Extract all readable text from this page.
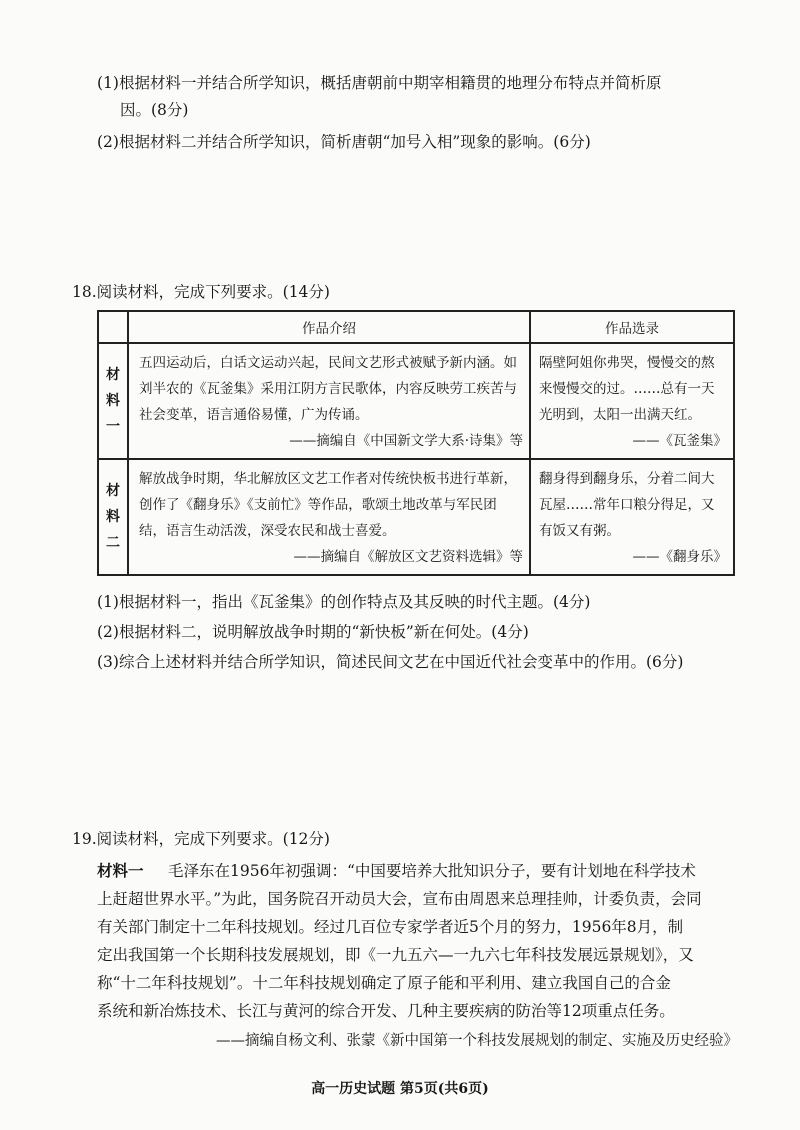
(1)根据材料一并结合所学知识，概括唐朝前中期宰相籍贯的地理分布特点并简析原
因。(8分)
(2)根据材料二并结合所学知识，简析唐朝“加号入相”现象的影响。(6分)
18.阅读材料，完成下列要求。(14分)
	作品介绍	作品选录

材
料
一	五四运动后，白话文运动兴起，民间文艺形式被赋予新内涵。如刘半农的《瓦釜集》采用江阴方言民歌体，内容反映劳工疾苦与社会变革，语言通俗易懂，广为传诵。
——摘编自《中国新文学大系·诗集》等	隔壁阿姐你弗哭，慢慢交的熬来慢慢交的过。……总有一天光明到，太阳一出满天红。
——《瓦釜集》

材
料
二	解放战争时期，华北解放区文艺工作者对传统快板书进行革新，创作了《翻身乐》《支前忙》等作品，歌颂土地改革与军民团结，语言生动活泼，深受农民和战士喜爱。
——摘编自《解放区文艺资料选辑》等	翻身得到翻身乐，分着二间大瓦屋……常年口粮分得足，又有饭又有粥。
——《翻身乐》
(1)根据材料一，指出《瓦釜集》的创作特点及其反映的时代主题。(4分)
(2)根据材料二，说明解放战争时期的“新快板”新在何处。(4分)
(3)综合上述材料并结合所学知识，简述民间文艺在中国近代社会变革中的作用。(6分)
19.阅读材料，完成下列要求。(12分)
材料一 毛泽东在1956年初强调：“中国要培养大批知识分子，要有计划地在科学技术
上赶超世界水平。”为此，国务院召开动员大会，宣布由周恩来总理挂帅，计委负责，会同
有关部门制定十二年科技规划。经过几百位专家学者近5个月的努力，1956年8月，制
定出我国第一个长期科技发展规划，即《一九五六—一九六七年科技发展远景规划》，又
称“十二年科技规划”。十二年科技规划确定了原子能和平利用、建立我国自己的合金
系统和新冶炼技术、长江与黄河的综合开发、几种主要疾病的防治等12项重点任务。
——摘编自杨文利、张蒙《新中国第一个科技发展规划的制定、实施及历史经验》
高一历史试题 第5页(共6页)
